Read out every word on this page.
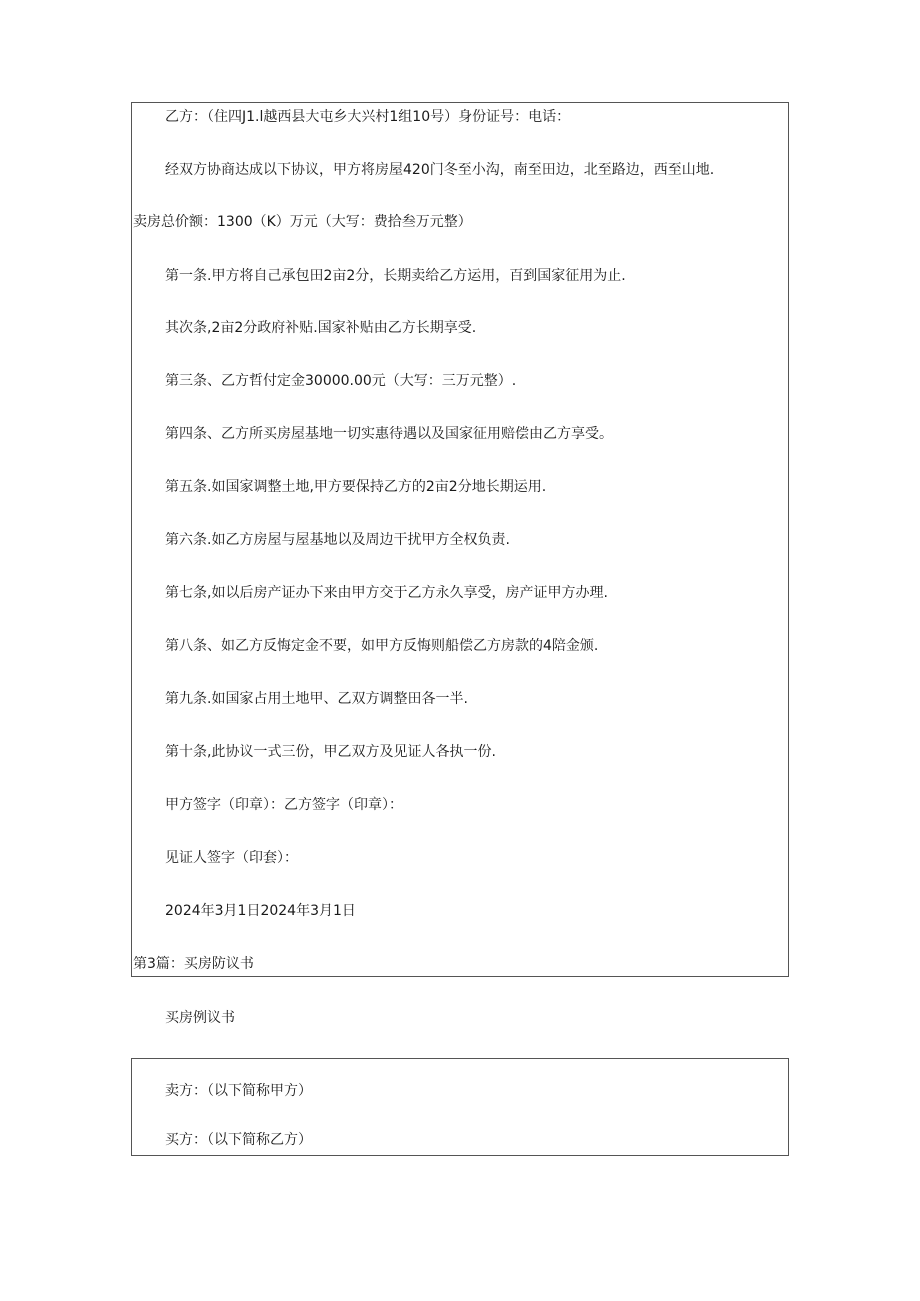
乙方：（住四J1.l越西县大屯乡大兴村1组10号）身份证号：电话：
经双方协商达成以下协议，甲方将房屋420门冬至小沟，南至田边，北至路边，西至山地.
卖房总价额：1300（K）万元（大写：费拾叁万元整）
第一条.甲方将自己承包田2亩2分，长期卖给乙方运用，百到国家征用为止.
其次条,2亩2分政府补贴.国家补贴由乙方长期享受.
第三条、乙方哲付定金30000.00元（大写：三万元整）.
第四条、乙方所买房屋基地一切实惠待遇以及国家征用赔偿由乙方享受。
第五条.如国家调整土地,甲方要保持乙方的2亩2分地长期运用.
第六条.如乙方房屋与屋基地以及周边干扰甲方全权负责.
第七条,如以后房产证办下来由甲方交于乙方永久享受，房产证甲方办理.
第八条、如乙方反悔定金不要，如甲方反悔则船偿乙方房款的4陪金颁.
第九条.如国家占用土地甲、乙双方调整田各一半.
第十条,此协议一式三份，甲乙双方及见证人各执一份.
甲方签字（印章）：乙方签字（印章）：
见证人签字（印套）：
2024年3月1日2024年3月1日
第3篇：买房防议书
买房例议书
卖方：（以下简称甲方）
买方：（以下简称乙方）
